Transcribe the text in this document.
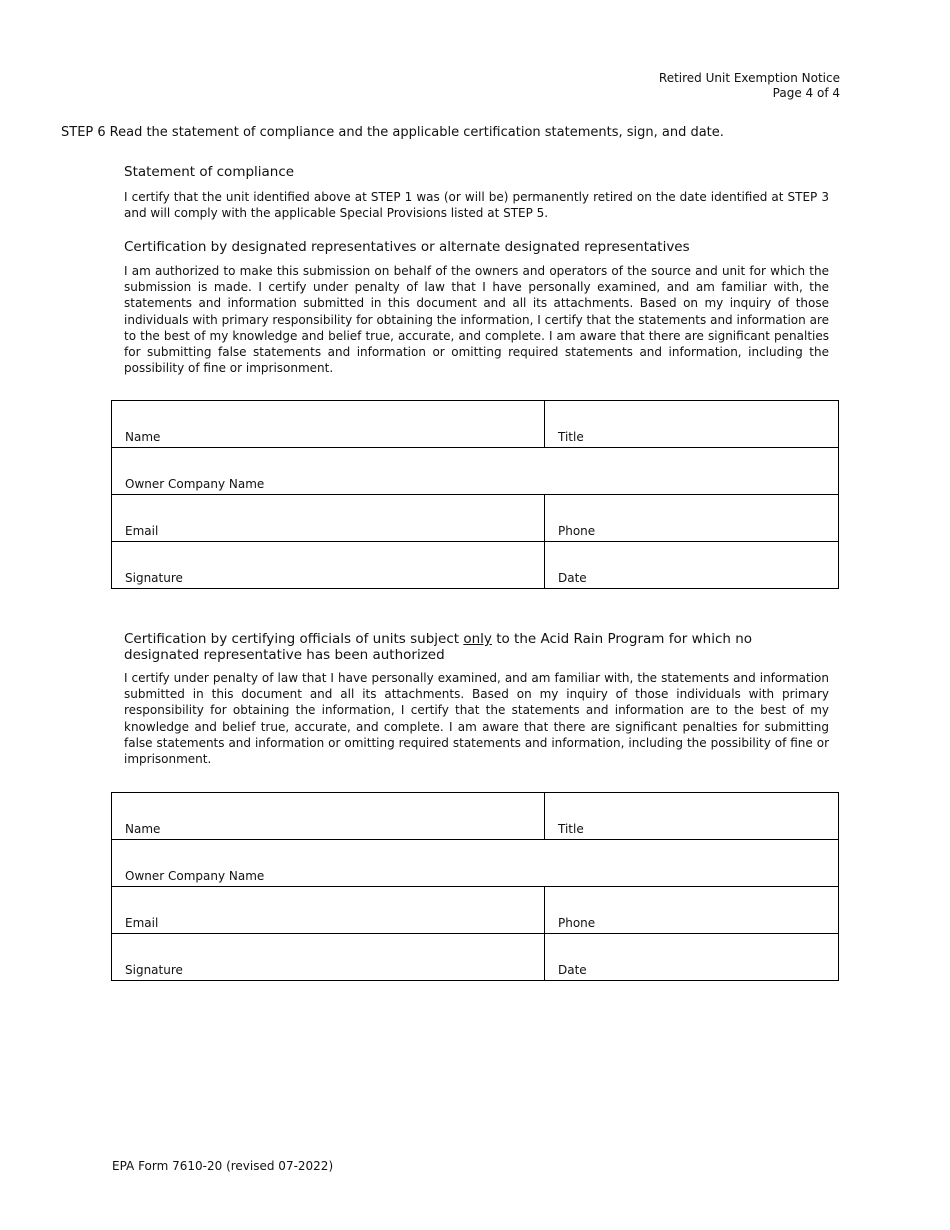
Retired Unit Exemption Notice
Page 4 of 4
STEP 6 Read the statement of compliance and the applicable certification statements, sign, and date.
Statement of compliance

I certify that the unit identified above at STEP 1 was (or will be) permanently retired on the date identified at STEP 3 and will comply with the applicable Special Provisions listed at STEP 5.

Certification by designated representatives or alternate designated representatives

I am authorized to make this submission on behalf of the owners and operators of the source and unit for which the submission is made. I certify under penalty of law that I have personally examined, and am familiar with, the statements and information submitted in this document and all its attachments. Based on my inquiry of those individuals with primary responsibility for obtaining the information, I certify that the statements and information are to the best of my knowledge and belief true, accurate, and complete. I am aware that there are significant penalties for submitting false statements and information or omitting required statements and information, including the possibility of fine or imprisonment.

Name	Title
Owner Company Name	
Email	Phone
Signature	Date
Certification by certifying officials of units subject only to the Acid Rain Program for which no designated representative has been authorized

I certify under penalty of law that I have personally examined, and am familiar with, the statements and information submitted in this document and all its attachments. Based on my inquiry of those individuals with primary responsibility for obtaining the information, I certify that the statements and information are to the best of my knowledge and belief true, accurate, and complete. I am aware that there are significant penalties for submitting false statements and information or omitting required statements and information, including the possibility of fine or imprisonment.

Name	Title
Owner Company Name	
Email	Phone
Signature	Date
EPA Form 7610-20 (revised 07-2022)
